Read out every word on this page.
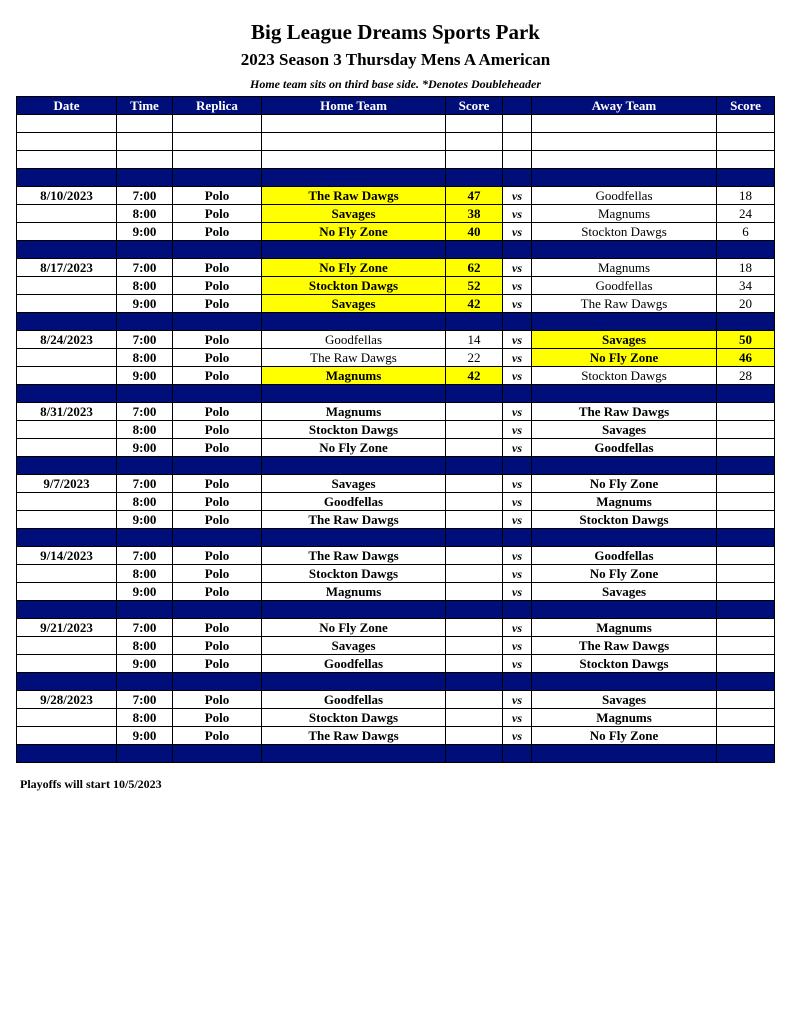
Big League Dreams Sports Park
2023 Season 3 Thursday Mens A American
Home team sits on third base side. *Denotes Doubleheader
Date	Time	Replica	Home Team	Score		Away Team	Score

8/10/2023	7:00	Polo	The Raw Dawgs	47	vs	Goodfellas	18
	8:00	Polo	Savages	38	vs	Magnums	24
	9:00	Polo	No Fly Zone	40	vs	Stockton Dawgs	6

8/17/2023	7:00	Polo	No Fly Zone	62	vs	Magnums	18
	8:00	Polo	Stockton Dawgs	52	vs	Goodfellas	34
	9:00	Polo	Savages	42	vs	The Raw Dawgs	20

8/24/2023	7:00	Polo	Goodfellas	14	vs	Savages	50
	8:00	Polo	The Raw Dawgs	22	vs	No Fly Zone	46
	9:00	Polo	Magnums	42	vs	Stockton Dawgs	28

8/31/2023	7:00	Polo	Magnums		vs	The Raw Dawgs	
	8:00	Polo	Stockton Dawgs		vs	Savages	
	9:00	Polo	No Fly Zone		vs	Goodfellas	

9/7/2023	7:00	Polo	Savages		vs	No Fly Zone	
	8:00	Polo	Goodfellas		vs	Magnums	
	9:00	Polo	The Raw Dawgs		vs	Stockton Dawgs	

9/14/2023	7:00	Polo	The Raw Dawgs		vs	Goodfellas	
	8:00	Polo	Stockton Dawgs		vs	No Fly Zone	
	9:00	Polo	Magnums		vs	Savages	

9/21/2023	7:00	Polo	No Fly Zone		vs	Magnums	
	8:00	Polo	Savages		vs	The Raw Dawgs	
	9:00	Polo	Goodfellas		vs	Stockton Dawgs	

9/28/2023	7:00	Polo	Goodfellas		vs	Savages	
	8:00	Polo	Stockton Dawgs		vs	Magnums	
	9:00	Polo	The Raw Dawgs		vs	No Fly Zone	

Playoffs will start 10/5/2023
